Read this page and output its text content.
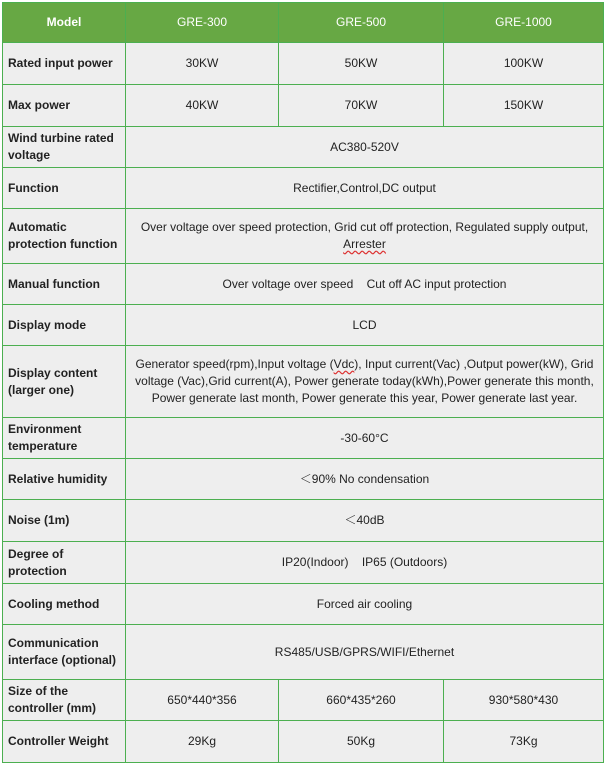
Model	GRE-300	GRE-500	GRE-1000
Rated input power	30KW	50KW	100KW
Max power	40KW	70KW	150KW
Wind turbine rated voltage	AC380-520V		
Function	Rectifier,Control,DC output		
Automatic protection function	Over voltage over speed protection, Grid cut off protection, Regulated supply output, Arrester		
Manual function	Over voltage over speed    Cut off AC input protection		
Display mode	LCD		
Display content (larger one)	Generator speed(rpm),Input voltage (Vdc), Input current(Vac) ,Output power(kW), Grid voltage (Vac),Grid current(A), Power generate today(kWh),Power generate this month, Power generate last month, Power generate this year, Power generate last year.		
Environment temperature	-30-60°C		
Relative humidity	＜90% No condensation		
Noise (1m)	＜40dB		
Degree of protection	IP20(Indoor)    IP65 (Outdoors)		
Cooling method	Forced air cooling		
Communication interface (optional)	RS485/USB/GPRS/WIFI/Ethernet		
Size of the controller (mm)	650*440*356	660*435*260	930*580*430
Controller Weight	29Kg	50Kg	73Kg
